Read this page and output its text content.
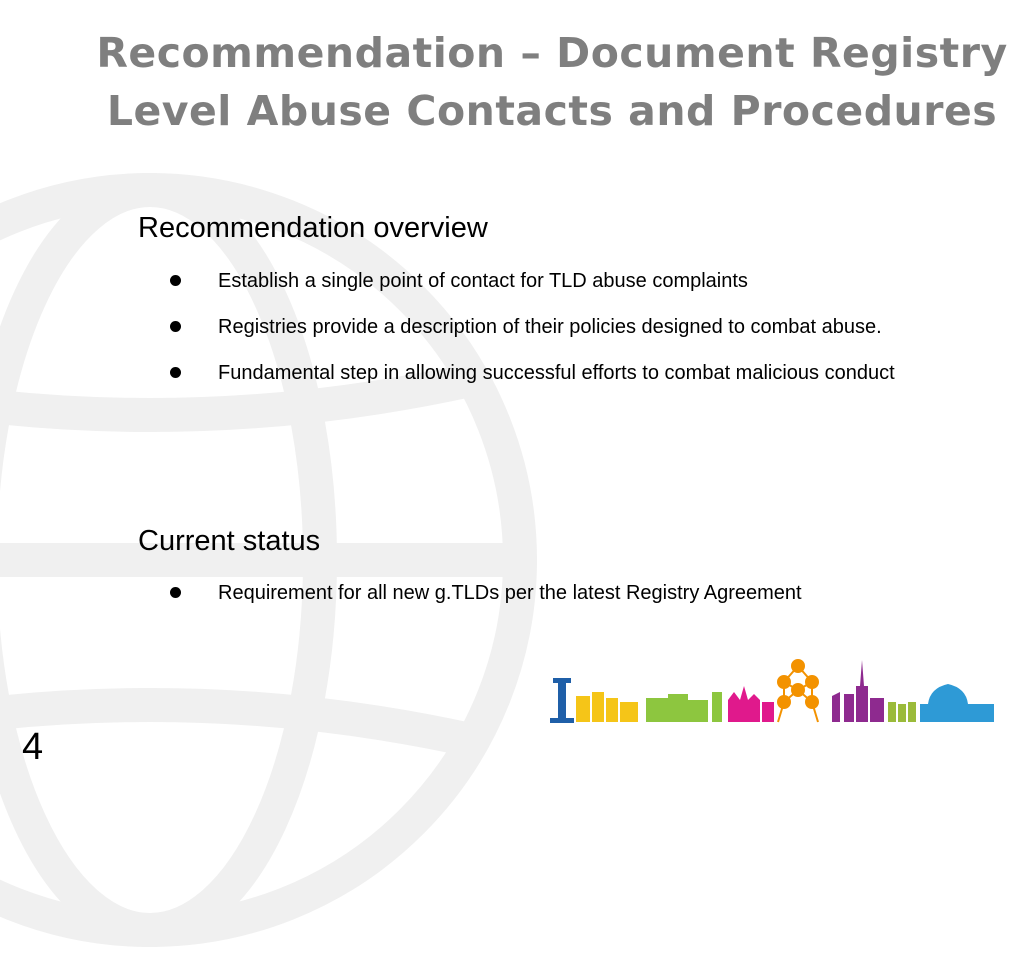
Recommendation – Document Registry
Level Abuse Contacts and Procedures
Recommendation overview
Establish a single point of contact for TLD abuse complaints
Registries provide a description of their policies designed to combat abuse.
Fundamental step in allowing successful efforts to combat malicious conduct
Current status
Requirement for all new g.TLDs per the latest Registry Agreement
4
